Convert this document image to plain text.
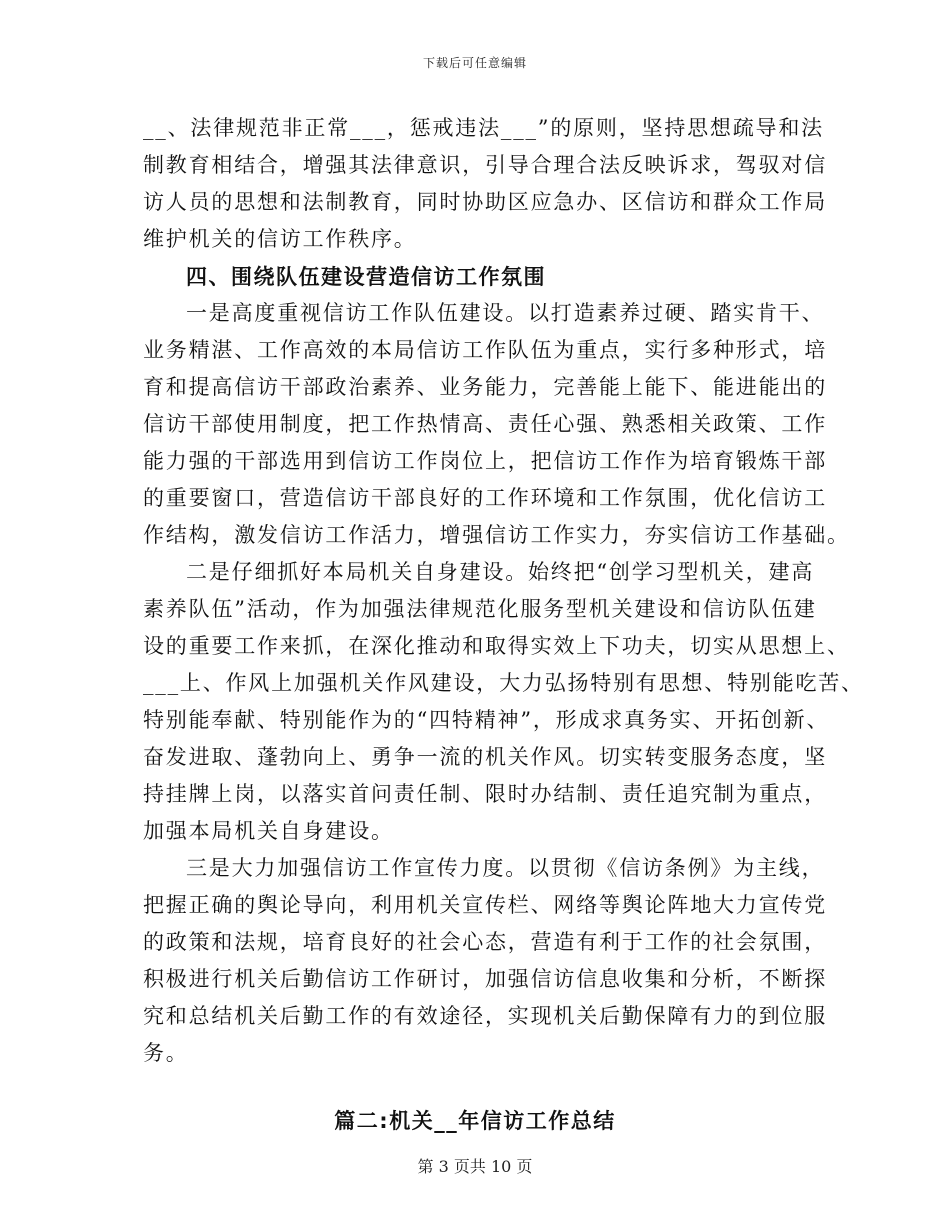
下载后可任意编辑
__、法律规范非正常___，惩戒违法___”的原则，坚持思想疏导和法
制教育相结合，增强其法律意识，引导合理合法反映诉求，驾驭对信
访人员的思想和法制教育，同时协助区应急办、区信访和群众工作局
维护机关的信访工作秩序。
四、围绕队伍建设营造信访工作氛围
一是高度重视信访工作队伍建设。以打造素养过硬、踏实肯干、
业务精湛、工作高效的本局信访工作队伍为重点，实行多种形式，培
育和提高信访干部政治素养、业务能力，完善能上能下、能进能出的
信访干部使用制度，把工作热情高、责任心强、熟悉相关政策、工作
能力强的干部选用到信访工作岗位上，把信访工作作为培育锻炼干部
的重要窗口，营造信访干部良好的工作环境和工作氛围，优化信访工
作结构，激发信访工作活力，增强信访工作实力，夯实信访工作基础。
二是仔细抓好本局机关自身建设。始终把“创学习型机关，建高
素养队伍”活动，作为加强法律规范化服务型机关建设和信访队伍建
设的重要工作来抓，在深化推动和取得实效上下功夫，切实从思想上、
___上、作风上加强机关作风建设，大力弘扬特别有思想、特别能吃苦、
特别能奉献、特别能作为的“四特精神”，形成求真务实、开拓创新、
奋发进取、蓬勃向上、勇争一流的机关作风。切实转变服务态度，坚
持挂牌上岗，以落实首问责任制、限时办结制、责任追究制为重点，
加强本局机关自身建设。
三是大力加强信访工作宣传力度。以贯彻《信访条例》为主线，
把握正确的舆论导向，利用机关宣传栏、网络等舆论阵地大力宣传党
的政策和法规，培育良好的社会心态，营造有利于工作的社会氛围，
积极进行机关后勤信访工作研讨，加强信访信息收集和分析，不断探
究和总结机关后勤工作的有效途径，实现机关后勤保障有力的到位服
务。
篇二:机关__年信访工作总结
第 3 页共 10 页
